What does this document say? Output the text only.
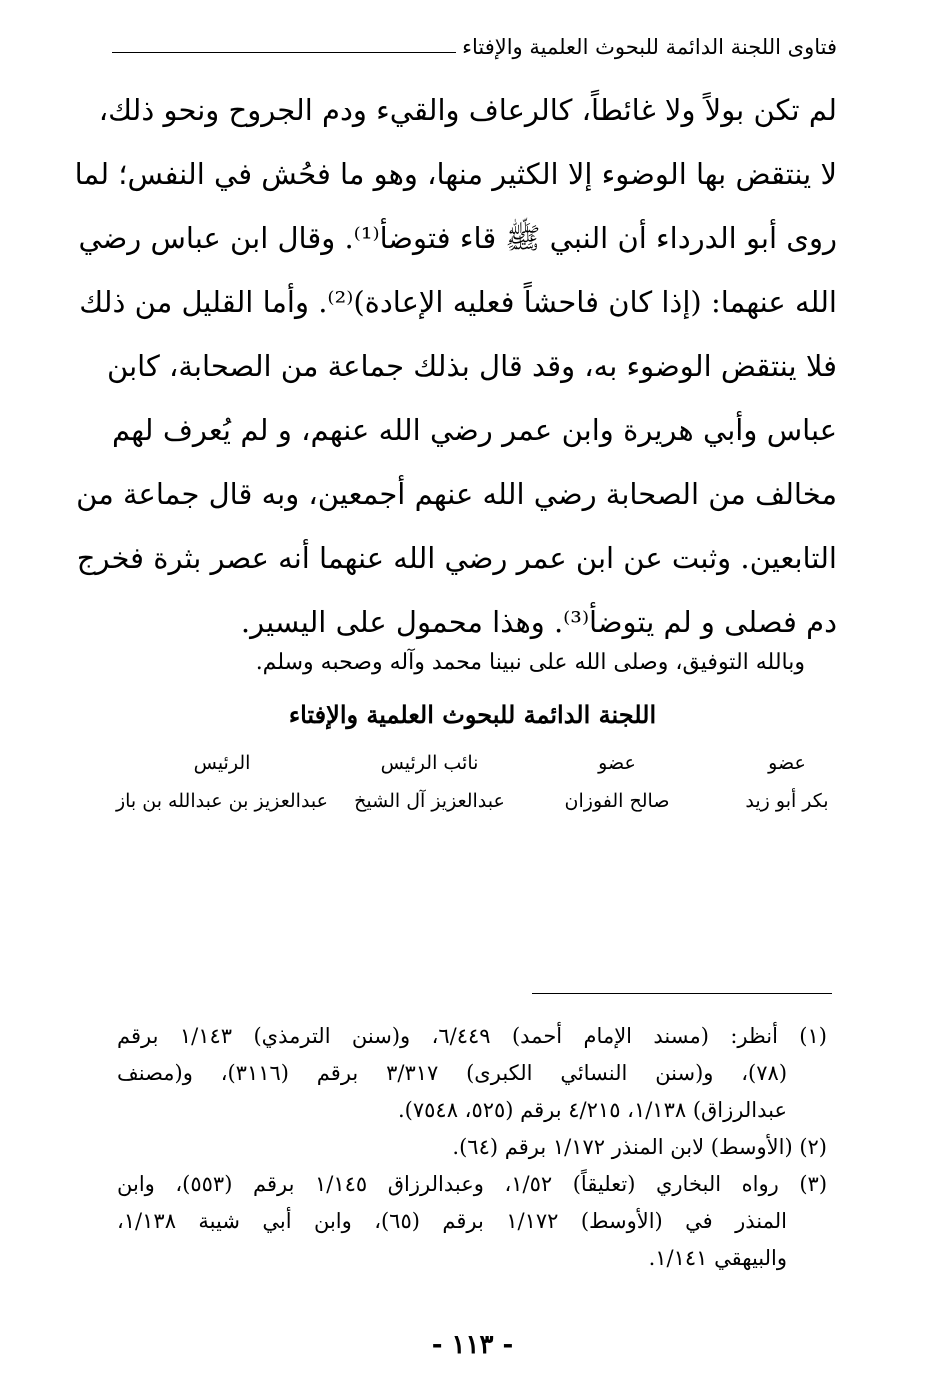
فتاوى اللجنة الدائمة للبحوث العلمية والإفتاء
لم تكن بولاً ولا غائطاً، كالرعاف والقيء ودم الجروح ونحو ذلك،
لا ينتقض بها الوضوء إلا الكثير منها، وهو ما فحُش في النفس؛ لما
روى أبو الدرداء أن النبي ﷺ قاء فتوضأ⁽¹⁾. وقال ابن عباس رضي
الله عنهما: (إذا كان فاحشاً فعليه الإعادة)⁽²⁾. وأما القليل من ذلك
فلا ينتقض الوضوء به، وقد قال بذلك جماعة من الصحابة، كابن
عباس وأبي هريرة وابن عمر رضي الله عنهم، و لم يُعرف لهم
مخالف من الصحابة رضي الله عنهم أجمعين، وبه قال جماعة من
التابعين. وثبت عن ابن عمر رضي الله عنهما أنه عصر بثرة فخرج
دم فصلى و لم يتوضأ⁽³⁾. وهذا محمول على اليسير.
وبالله التوفيق، وصلى الله على نبينا محمد وآله وصحبه وسلم.
اللجنة الدائمة للبحوث العلمية والإفتاء
عضو
بكر أبو زيد
عضو
صالح الفوزان
نائب الرئيس
عبدالعزيز آل الشيخ
الرئيس
عبدالعزيز بن عبدالله بن باز
(١) أنظر: (مسند الإمام أحمد) ٦/٤٤٩، و(سنن الترمذي) ١/١٤٣ برقم
(٧٨)، و(سنن النسائي الكبرى) ٣/٣١٧ برقم (٣١١٦)، و(مصنف
عبدالرزاق) ١/١٣٨، ٤/٢١٥ برقم (٥٢٥، ٧٥٤٨).
(٢) (الأوسط) لابن المنذر ١/١٧٢ برقم (٦٤).
(٣) رواه البخاري (تعليقاً) ١/٥٢، وعبدالرزاق ١/١٤٥ برقم (٥٥٣)، وابن
المنذر في (الأوسط) ١/١٧٢ برقم (٦٥)، وابن أبي شيبة ١/١٣٨،
والبيهقي ١/١٤١.
- ١١٣ -
